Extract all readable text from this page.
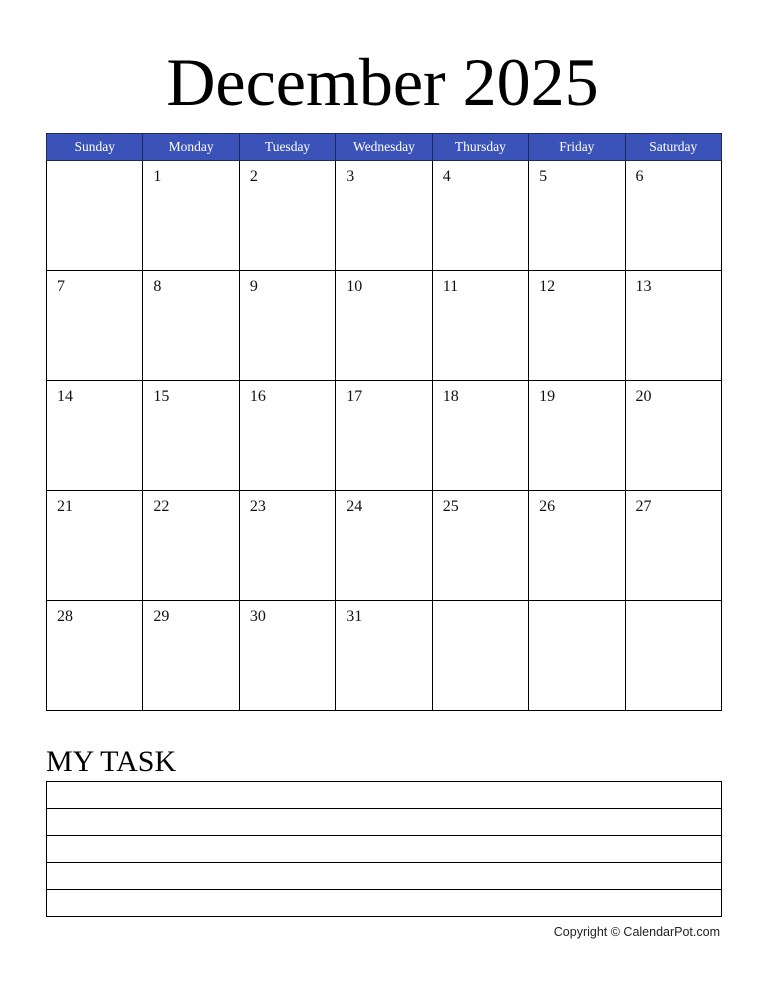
December 2025
Sunday	Monday	Tuesday	Wednesday	Thursday	Friday	Saturday

	1	2	3	4	5	6

7	8	9	10	11	12	13

14	15	16	17	18	19	20

21	22	23	24	25	26	27

28	29	30	31			

MY TASK
Copyright © CalendarPot.com
